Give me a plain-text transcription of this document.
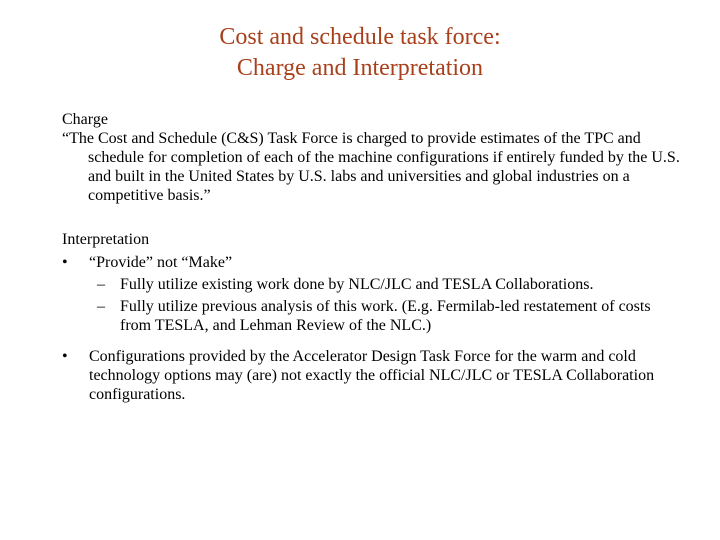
Cost and schedule task force:
Charge and Interpretation
Charge
“The Cost and Schedule (C&S) Task Force is charged to provide estimates of the TPC and schedule for completion of each of the machine configurations if entirely funded by the U.S. and built in the United States by U.S. labs and universities and global industries on a competitive basis.”
Interpretation
• “Provide” not “Make”
– Fully utilize existing work done by NLC/JLC and TESLA Collaborations.
– Fully utilize previous analysis of this work. (E.g. Fermilab-led restatement of costs from TESLA, and Lehman Review of the NLC.)
• Configurations provided by the Accelerator Design Task Force for the warm and cold technology options may (are) not exactly the official NLC/JLC or TESLA Collaboration configurations.
